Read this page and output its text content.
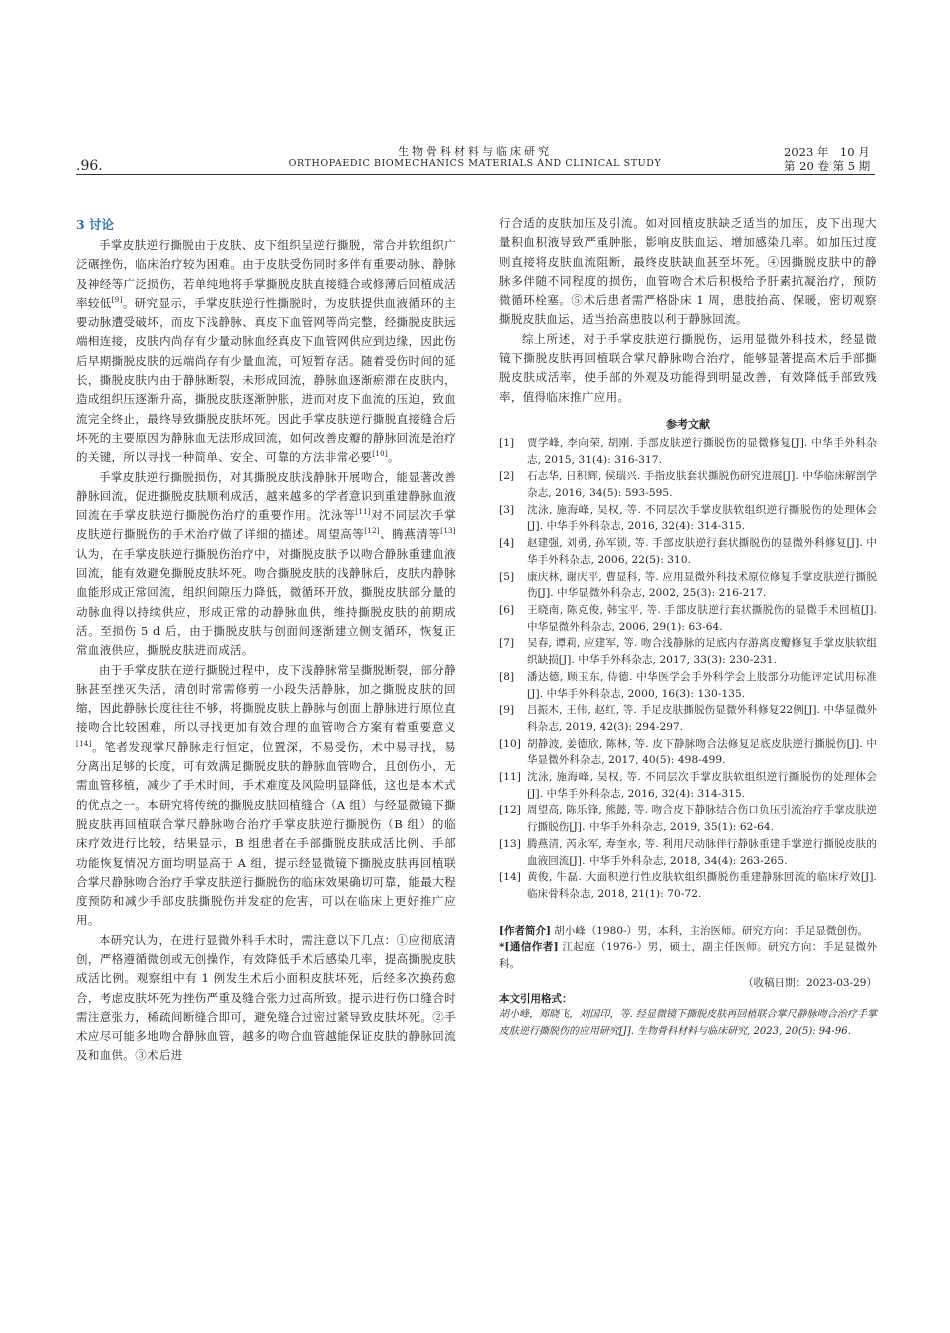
.96.
生物骨科材料与临床研究
ORTHOPAEDIC BIOMECHANICS MATERIALS AND CLINICAL STUDY
2023 年　10 月
第 20 卷 第 5 期
3 讨论

手掌皮肤逆行撕脱由于皮肤、皮下组织呈逆行撕脱，常合并软组织广泛碾挫伤，临床治疗较为困难。由于皮肤受伤同时多伴有重要动脉、静脉及神经等广泛损伤，若单纯地将手掌撕脱皮肤直接缝合或修薄后回植成活率较低[9]。研究显示，手掌皮肤逆行性撕脱时，为皮肤提供血液循环的主要动脉遭受破坏，而皮下浅静脉、真皮下血管网等尚完整，经撕脱皮肤远端相连接，皮肤内尚存有少量动脉血经真皮下血管网供应到边缘，因此伤后早期撕脱皮肤的远端尚存有少量血流，可短暂存活。随着受伤时间的延长，撕脱皮肤内由于静脉断裂，未形成回流，静脉血逐渐瘀滞在皮肤内，造成组织压逐渐升高，撕脱皮肤逐渐肿胀，进而对皮下血流的压迫，致血流完全终止，最终导致撕脱皮肤坏死。因此手掌皮肤逆行撕脱直接缝合后坏死的主要原因为静脉血无法形成回流，如何改善皮瓣的静脉回流是治疗的关键，所以寻找一种简单、安全、可靠的方法非常必要[10]。

手掌皮肤逆行撕脱损伤，对其撕脱皮肤浅静脉开展吻合，能显著改善静脉回流，促进撕脱皮肤顺利成活，越来越多的学者意识到重建静脉血液回流在手掌皮肤逆行撕脱伤治疗的重要作用。沈泳等[11]对不同层次手掌皮肤逆行撕脱伤的手术治疗做了详细的描述。周望高等[12]、腾燕清等[13]认为，在手掌皮肤逆行撕脱伤治疗中，对撕脱皮肤予以吻合静脉重建血液回流，能有效避免撕脱皮肤坏死。吻合撕脱皮肤的浅静脉后，皮肤内静脉血能形成正常回流，组织间隙压力降低，微循环开放，撕脱皮肤部分量的动脉血得以持续供应，形成正常的动静脉血供，维持撕脱皮肤的前期成活。至损伤 5 d 后，由于撕脱皮肤与创面间逐渐建立侧支循环，恢复正常血液供应，撕脱皮肤进而成活。

由于手掌皮肤在逆行撕脱过程中，皮下浅静脉常呈撕脱断裂，部分静脉甚至挫灭失活，清创时常需修剪一小段失活静脉，加之撕脱皮肤的回缩，因此静脉长度往往不够，将撕脱皮肤上静脉与创面上静脉进行原位直接吻合比较困难，所以寻找更加有效合理的血管吻合方案有着重要意义[14]。笔者发现掌尺静脉走行恒定，位置深，不易受伤，术中易寻找，易分离出足够的长度，可有效满足撕脱皮肤的静脉血管吻合，且创伤小，无需血管移植，减少了手术时间，手术难度及风险明显降低，这也是本术式的优点之一。本研究将传统的撕脱皮肤回植缝合（A 组）与经显微镜下撕脱皮肤再回植联合掌尺静脉吻合治疗手掌皮肤逆行撕脱伤（B 组）的临床疗效进行比较，结果显示，B 组患者在手部撕脱皮肤成活比例、手部功能恢复情况方面均明显高于 A 组，提示经显微镜下撕脱皮肤再回植联合掌尺静脉吻合治疗手掌皮肤逆行撕脱伤的临床效果确切可靠，能最大程度预防和减少手部皮肤撕脱伤并发症的危害，可以在临床上更好推广应用。

本研究认为，在进行显微外科手术时，需注意以下几点：①应彻底清创，严格遵循微创或无创操作，有效降低手术后感染几率，提高撕脱皮肤成活比例。观察组中有 1 例发生术后小面积皮肤坏死，后经多次换药愈合，考虑皮肤坏死为挫伤严重及缝合张力过高所致。提示进行伤口缝合时需注意张力，稀疏间断缝合即可，避免缝合过密过紧导致皮肤坏死。②手术应尽可能多地吻合静脉血管，越多的吻合血管越能保证皮肤的静脉回流及和血供。③术后进

行合适的皮肤加压及引流。如对回植皮肤缺乏适当的加压，皮下出现大量积血积液导致严重肿胀，影响皮肤血运、增加感染几率。如加压过度则直接将皮肤血流阻断，最终皮肤缺血甚至坏死。④因撕脱皮肤中的静脉多伴随不同程度的损伤，血管吻合术后积极给予肝素抗凝治疗，预防微循环栓塞。⑤术后患者需严格卧床 1 周，患肢抬高、保暖，密切观察撕脱皮肤血运，适当抬高患肢以利于静脉回流。

综上所述，对于手掌皮肤逆行撕脱伤，运用显微外科技术，经显微镜下撕脱皮肤再回植联合掌尺静脉吻合治疗，能够显著提高术后手部撕脱皮肤成活率，使手部的外观及功能得到明显改善，有效降低手部致残率，值得临床推广应用。

参考文献
[1]	贾学峰, 李向荣, 胡刚. 手部皮肤逆行撕脱伤的显微修复[J]. 中华手外科杂志, 2015, 31(4): 316-317.
[2]	石志华, 日积辉, 侯瑞兴. 手指皮肤套状撕脱伤研究进展[J]. 中华临床解剖学杂志, 2016, 34(5): 593-595.
[3]	沈泳, 施海峰, 吴权, 等. 不同层次手掌皮肤软组织逆行撕脱伤的处理体会[J]. 中华手外科杂志, 2016, 32(4): 314-315.
[4]	赵建强, 刘勇, 孙军锁, 等. 手部皮肤逆行套状撕脱伤的显微外科修复[J]. 中华手外科杂志, 2006, 22(5): 310.
[5]	康庆林, 谢庆平, 曹显科, 等. 应用显微外科技术原位修复手掌皮肤逆行撕脱伤[J]. 中华显微外科杂志, 2002, 25(3): 216-217.
[6]	王晓南, 陈克俊, 韩宝平, 等. 手部皮肤逆行套状撕脱伤的显微手术回植[J]. 中华显微外科杂志, 2006, 29(1): 63-64.
[7]	吴春, 谭莉, 应建军, 等. 吻合浅静脉的足底内存游离皮瓣修复手掌皮肤软组织缺损[J]. 中华手外科杂志, 2017, 33(3): 230-231.
[8]	潘达德, 顾玉东, 侍德. 中华医学会手外科学会上肢部分功能评定试用标准[J]. 中华手外科杂志, 2000, 16(3): 130-135.
[9]	吕振木, 王伟, 赵红, 等. 手足皮肤撕脱伤显微外科修复22例[J]. 中华显微外科杂志, 2019, 42(3): 294-297.
[10] 胡静波, 姜德欣, 陈林, 等. 皮下静脉吻合法修复足底皮肤逆行撕脱伤[J]. 中华显微外科杂志, 2017, 40(5): 498-499.
[11] 沈泳, 施海峰, 吴权, 等. 不同层次手掌皮肤软组织逆行撕脱伤的处理体会[J]. 中华手外科杂志, 2016, 32(4): 314-315.
[12] 周望高, 陈乐锋, 熊懿, 等. 吻合皮下静脉结合伤口负压引流治疗手掌皮肤逆行撕脱伤[J]. 中华手外科杂志, 2019, 35(1): 62-64.
[13] 腾燕清, 芮永军, 寿奎水, 等. 利用尺动脉伴行静脉重建手掌逆行撕脱皮肤的血液回流[J]. 中华手外科杂志, 2018, 34(4): 263-265.
[14] 黄俊, 牛磊. 大面积逆行性皮肤软组织撕脱伤重建静脉回流的临床疗效[J]. 临床骨科杂志, 2018, 21(1): 70-72.

[作者简介] 胡小峰（1980-）男，本科，主治医师。研究方向：手足显微创伤。

*[通信作者] 江起庭（1976-）男，硕士，副主任医师。研究方向：手足显微外科。

（收稿日期：2023-03-29）

本文引用格式：

胡小峰，郑晓飞，刘国印，等. 经显微镜下撕脱皮肤再回植联合掌尺静脉吻合治疗手掌皮肤逆行撕脱伤的应用研究[J]. 生物骨科材料与临床研究, 2023, 20(5): 94-96.
